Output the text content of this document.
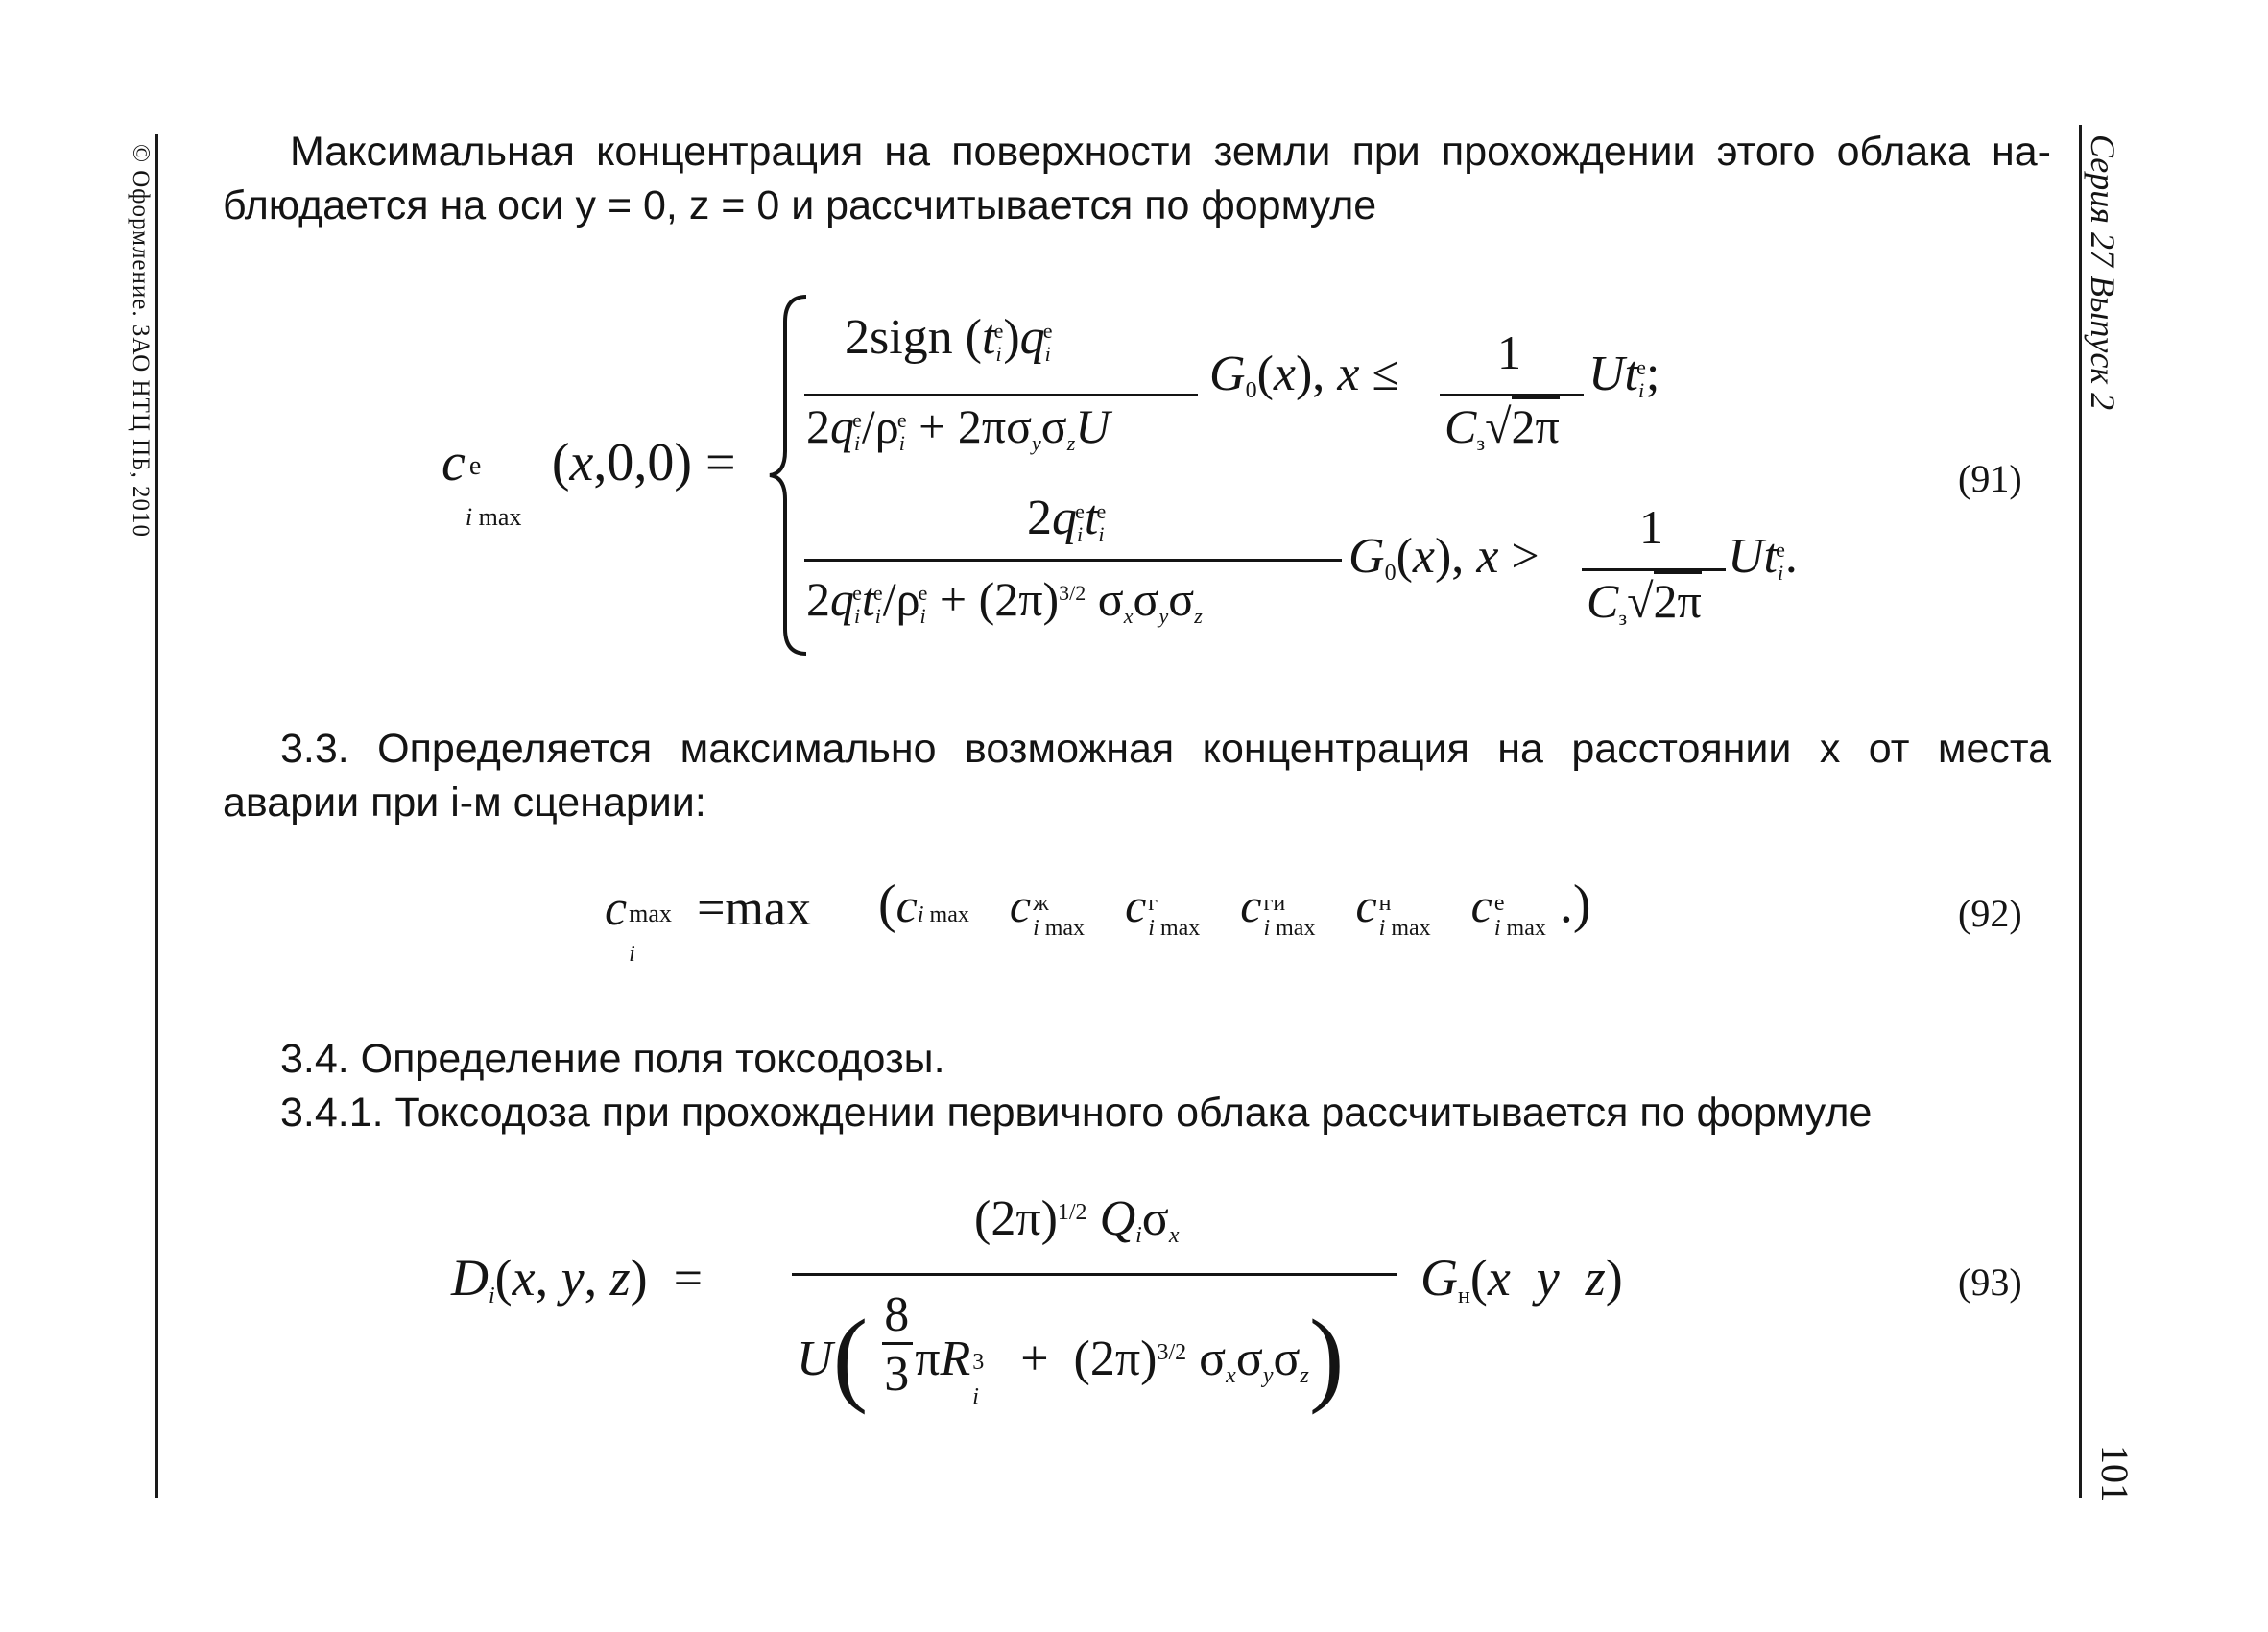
© Оформление. ЗАО НТЦ ПБ, 2010	Серия 27 Выпуск 2
101

Максимальная концентрация на поверхности земли при прохождении этого облака на-

блюдается на оси y = 0, z = 0 и рассчитывается по формуле

c e
i max
(x,0,0) =
2sign $(t_i^e)q_i^e$
$2q_i^e/\rho_i^e + 2\pi\sigma_y\sigma_zU$
$G_0(x)$, x ≤ 1
$C_з√2\pi$
$Ut_i^e$;
$2q_i^et_i^e$
$2q_i^et_i^e/\rho_i^e + (2\pi)^{3/2}$ $\sigma_x\sigma_y\sigma_z$
$G_0(x)$, x >
1
$C_з√2\pi$
$Ut_i^e$.
(91)

3.3. Определяется максимально возможная концентрация на расстоянии x от места

аварии при i-м сценарии:

c max
i
=max (ci max c ж
i max c г
i max c ги
i max c н
i max c е
i max .)	(92)

3.4. Определение поля токсодозы.

3.4.1. Токсодоза при прохождении первичного облака рассчитывается по формуле

$D_i(x$, y, z)  =
$(2\pi)^{1/2}$ $Q_i\sigma_x$
$U( \frac{8}{3}$ πR 3
i
+  $(2\pi)^{3/2}$ $\sigma_x\sigma_y\sigma_z$)
$G_н(x$ y z)	(93)
